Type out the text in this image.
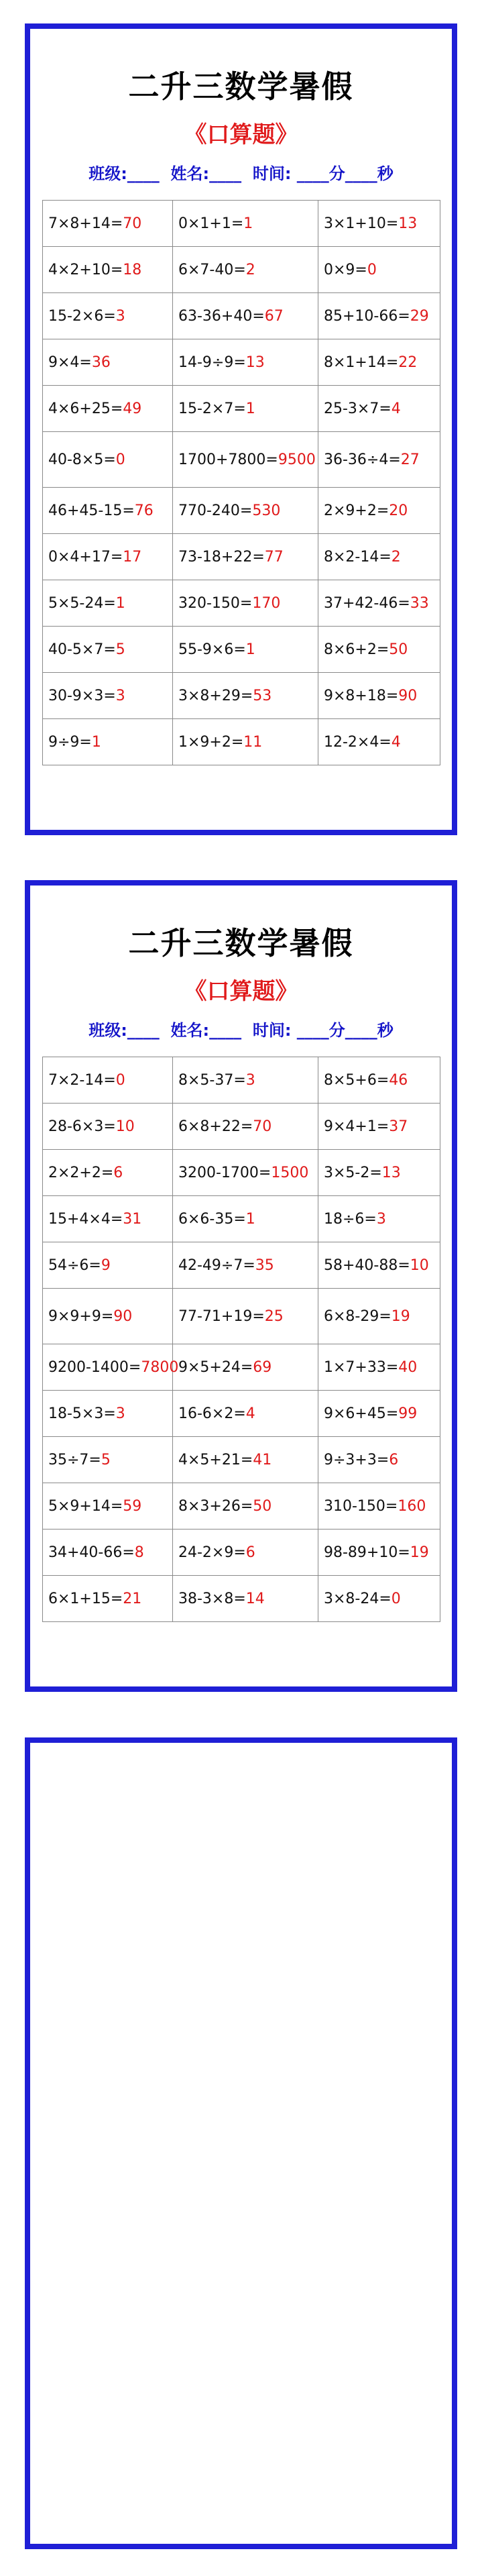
二升三数学暑假
《口算题》
班级:____  姓名:____  时间: ____分____秒
7×8+14=70	0×1+1=1	3×1+10=13
4×2+10=18	6×7-40=2	0×9=0
15-2×6=3	63-36+40=67	85+10-66=29
9×4=36	14-9÷9=13	8×1+14=22
4×6+25=49	15-2×7=1	25-3×7=4
40-8×5=0	1700+7800=9500	36-36÷4=27
46+45-15=76	770-240=530	2×9+2=20
0×4+17=17	73-18+22=77	8×2-14=2
5×5-24=1	320-150=170	37+42-46=33
40-5×7=5	55-9×6=1	8×6+2=50
30-9×3=3	3×8+29=53	9×8+18=90
9÷9=1	1×9+2=11	12-2×4=4
二升三数学暑假
《口算题》
班级:____  姓名:____  时间: ____分____秒
7×2-14=0	8×5-37=3	8×5+6=46
28-6×3=10	6×8+22=70	9×4+1=37
2×2+2=6	3200-1700=1500	3×5-2=13
15+4×4=31	6×6-35=1	18÷6=3
54÷6=9	42-49÷7=35	58+40-88=10
9×9+9=90	77-71+19=25	6×8-29=19
9200-1400=7800	9×5+24=69	1×7+33=40
18-5×3=3	16-6×2=4	9×6+45=99
35÷7=5	4×5+21=41	9÷3+3=6
5×9+14=59	8×3+26=50	310-150=160
34+40-66=8	24-2×9=6	98-89+10=19
6×1+15=21	38-3×8=14	3×8-24=0
